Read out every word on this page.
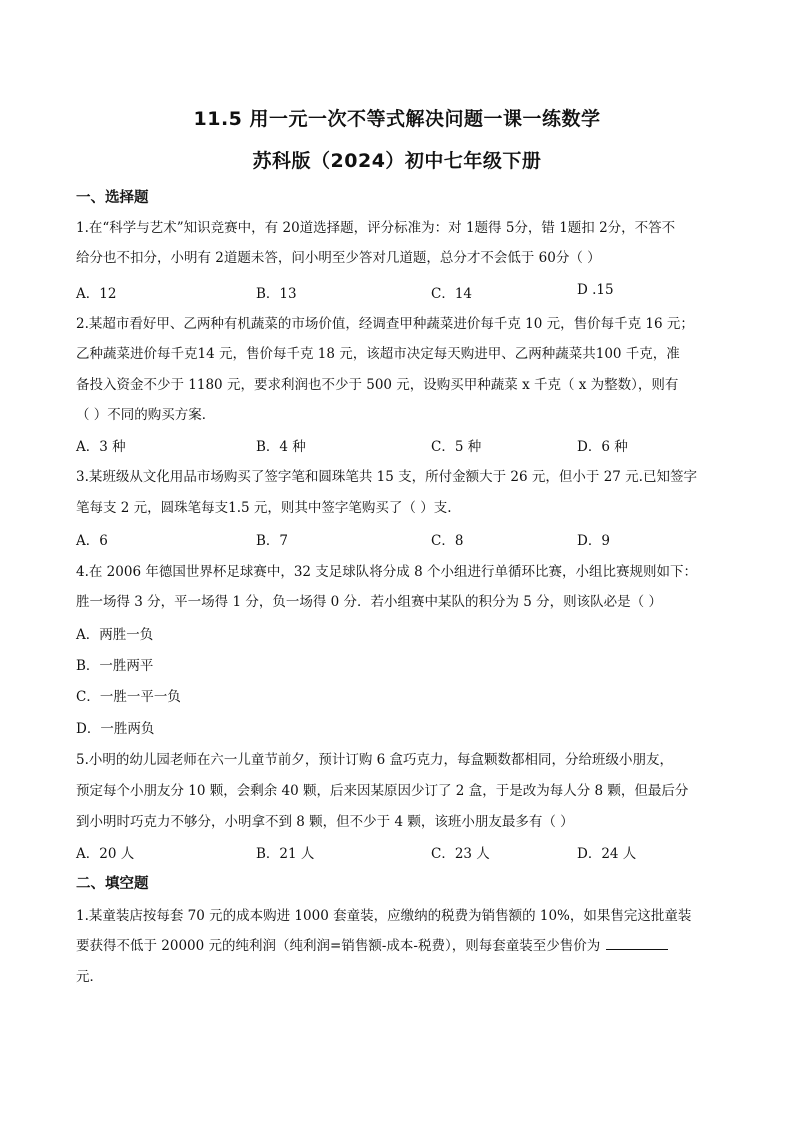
11.5 用一元一次不等式解决问题一课一练数学
苏科版（2024）初中七年级下册
一、选择题
1.在“科学与艺术”知识竞赛中，有 20道选择题，评分标准为：对 1题得 5分，错 1题扣 2分，不答不
给分也不扣分，小明有 2道题未答，问小明至少答对几道题，总分才不会低于 60分（ ）
A．12	B．13	C．14	D .15
2.某超市看好甲、乙两种有机蔬菜的市场价值，经调查甲种蔬菜进价每千克 10 元，售价每千克 16 元；
乙种蔬菜进价每千克14 元，售价每千克 18 元，该超市决定每天购进甲、乙两种蔬菜共100 千克，准
备投入资金不少于 1180 元，要求利润也不少于 500 元，设购买甲种蔬菜 x 千克（ x 为整数），则有
（ ）不同的购买方案．
A．3 种	B．4 种	C．5 种	D．6 种
3.某班级从文化用品市场购买了签字笔和圆珠笔共 15 支，所付金额大于 26 元，但小于 27 元.已知签字
笔每支 2 元，圆珠笔每支1.5 元，则其中签字笔购买了（ ）支.
A．6	B．7	C．8	D．9
4.在 2006 年德国世界杯足球赛中，32 支足球队将分成 8 个小组进行单循环比赛，小组比赛规则如下：
胜一场得 3 分，平一场得 1 分，负一场得 0 分．若小组赛中某队的积分为 5 分，则该队必是（ ）
A．两胜一负
B．一胜两平
C．一胜一平一负
D．一胜两负
5.小明的幼儿园老师在六一儿童节前夕，预计订购 6 盒巧克力，每盒颗数都相同，分给班级小朋友，
预定每个小朋友分 10 颗，会剩余 40 颗，后来因某原因少订了 2 盒，于是改为每人分 8 颗，但最后分
到小明时巧克力不够分，小明拿不到 8 颗，但不少于 4 颗，该班小朋友最多有（ ）
A．20 人	B．21 人	C．23 人	D．24 人
二、填空题
1.某童装店按每套 70 元的成本购进 1000 套童装，应缴纳的税费为销售额的 10%，如果售完这批童装
要获得不低于 20000 元的纯利润（纯利润=销售额-成本-税费），则每套童装至少售价为
元．
